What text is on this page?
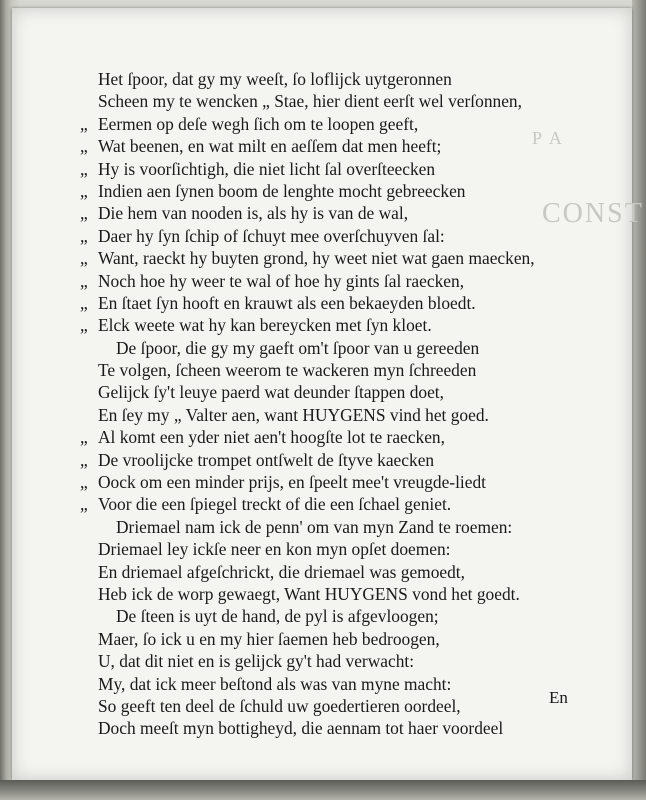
CONST
P A
Het ſpoor, dat gy my weeſt, ſo loflijck uytgeronnen
Scheen my te wencken „ Stae, hier dient eerſt wel verſonnen,
„ Eermen op deſe wegh ſich om te loopen geeft,
„ Wat beenen, en wat milt en aeſſem dat men heeft;
„ Hy is voorſichtigh, die niet licht ſal overſteecken
„ Indien aen ſynen boom de lenghte mocht gebreecken
„ Die hem van nooden is, als hy is van de wal,
„ Daer hy ſyn ſchip of ſchuyt mee overſchuyven ſal:
„ Want, raeckt hy buyten grond, hy weet niet wat gaen maecken,
„ Noch hoe hy weer te wal of hoe hy gints ſal raecken,
„ En ſtaet ſyn hooft en krauwt als een bekaeyden bloedt.
„ Elck weete wat hy kan bereycken met ſyn kloet.
De ſpoor, die gy my gaeft om't ſpoor van u gereeden
Te volgen, ſcheen weerom te wackeren myn ſchreeden
Gelijck ſy't leuye paerd wat deunder ſtappen doet,
En ſey my „ Valter aen, want HUYGENS vind het goed.
„ Al komt een yder niet aen't hoogſte lot te raecken,
„ De vroolijcke trompet ontſwelt de ſtyve kaecken
„ Oock om een minder prijs, en ſpeelt mee't vreugde-liedt
„ Voor die een ſpiegel treckt of die een ſchael geniet.
Driemael nam ick de penn' om van myn Zand te roemen:
Driemael ley ickſe neer en kon myn opſet doemen:
En driemael afgeſchrickt, die driemael was gemoedt,
Heb ick de worp gewaegt, Want HUYGENS vond het goedt.
De ſteen is uyt de hand, de pyl is afgevloogen;
Maer, ſo ick u en my hier ſaemen heb bedroogen,
U, dat dit niet en is gelijck gy't had verwacht:
My, dat ick meer beſtond als was van myne macht:
So geeft ten deel de ſchuld uw goedertieren oordeel,
Doch meeſt myn bottigheyd, die aennam tot haer voordeel
En
